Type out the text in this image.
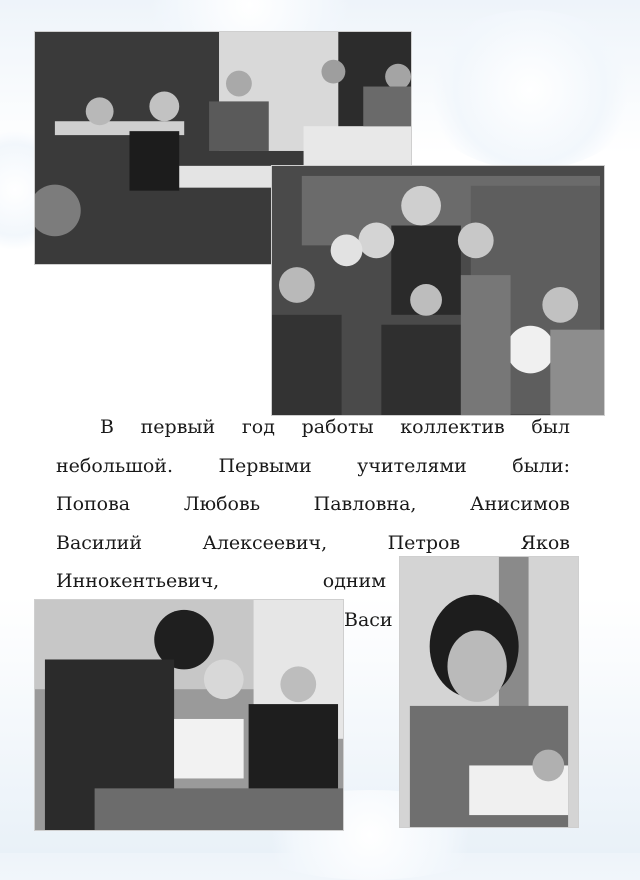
В первый год работы коллектив был

небольшой. Первыми учителями были:

Попова Любовь Павловна, Анисимов

Василий Алексеевич, Петров Яков

Иннокентьевич, одним

Васи
